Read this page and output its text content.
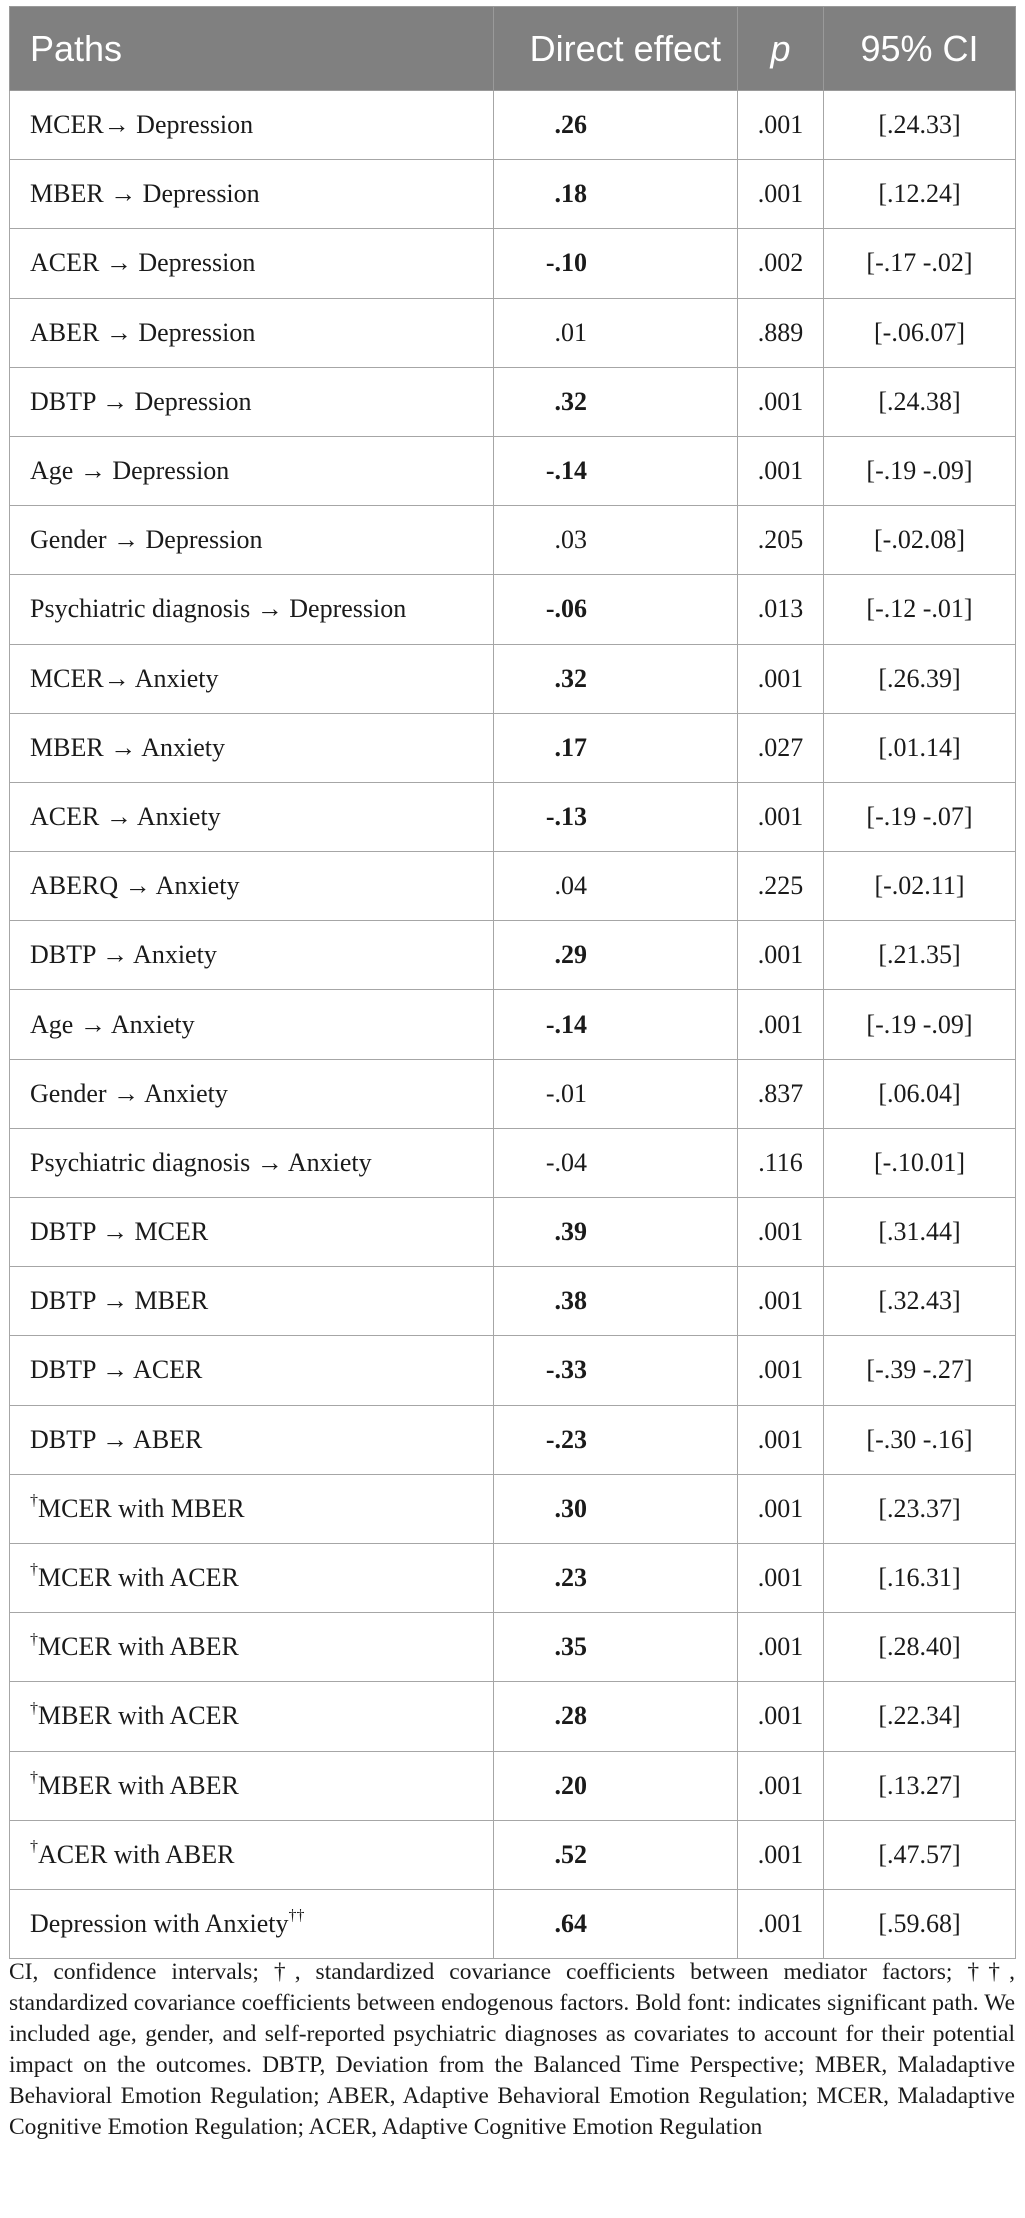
Paths	Direct effect	p	95% CI
MCER→ Depression	.26	.001	[.24.33]
MBER → Depression	.18	.001	[.12.24]
ACER → Depression	-.10	.002	[-.17 -.02]
ABER → Depression	.01	.889	[-.06.07]
DBTP → Depression	.32	.001	[.24.38]
Age → Depression	-.14	.001	[-.19 -.09]
Gender → Depression	.03	.205	[-.02.08]
Psychiatric diagnosis → Depression	-.06	.013	[-.12 -.01]
MCER→ Anxiety	.32	.001	[.26.39]
MBER → Anxiety	.17	.027	[.01.14]
ACER → Anxiety	-.13	.001	[-.19 -.07]
ABERQ → Anxiety	.04	.225	[-.02.11]
DBTP → Anxiety	.29	.001	[.21.35]
Age → Anxiety	-.14	.001	[-.19 -.09]
Gender → Anxiety	-.01	.837	[.06.04]
Psychiatric diagnosis → Anxiety	-.04	.116	[-.10.01]
DBTP → MCER	.39	.001	[.31.44]
DBTP → MBER	.38	.001	[.32.43]
DBTP → ACER	-.33	.001	[-.39 -.27]
DBTP → ABER	-.23	.001	[-.30 -.16]
†MCER with MBER	.30	.001	[.23.37]
†MCER with ACER	.23	.001	[.16.31]
†MCER with ABER	.35	.001	[.28.40]
†MBER with ACER	.28	.001	[.22.34]
†MBER with ABER	.20	.001	[.13.27]
†ACER with ABER	.52	.001	[.47.57]
Depression with Anxiety††	.64	.001	[.59.68]
CI, confidence intervals; †, standardized covariance coefficients between mediator factors; ††, standardized covariance coefficients between endogenous factors. Bold font: indicates significant path. We included age, gender, and self-reported psychiatric diagnoses as covariates to account for their potential impact on the outcomes. DBTP, Deviation from the Balanced Time Perspective; MBER, Maladaptive Behavioral Emotion Regulation; ABER, Adaptive Behavioral Emotion Regulation; MCER, Maladaptive Cognitive Emotion Regulation; ACER, Adaptive Cognitive Emotion Regulation
